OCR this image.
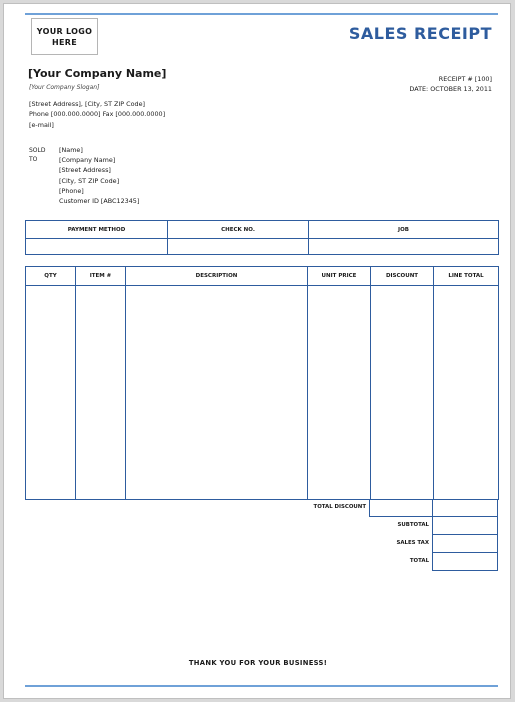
YOUR LOGO HERE	SALES RECEIPT
[Your Company Name]
[Your Company Slogan]
[Street Address], [City, ST ZIP Code]
Phone [000.000.0000] Fax [000.000.0000]
[e-mail]
RECEIPT # [100]
DATE: OCTOBER 13, 2011
SOLD
TO
[Name]
[Company Name]
[Street Address]
[City, ST ZIP Code]
[Phone]
Customer ID [ABC12345]
PAYMENT METHOD	CHECK NO.	JOB

QTY	ITEM #	DESCRIPTION	UNIT PRICE	DISCOUNT	LINE TOTAL

TOTAL DISCOUNT
SUBTOTAL
SALES TAX
TOTAL
THANK YOU FOR YOUR BUSINESS!
